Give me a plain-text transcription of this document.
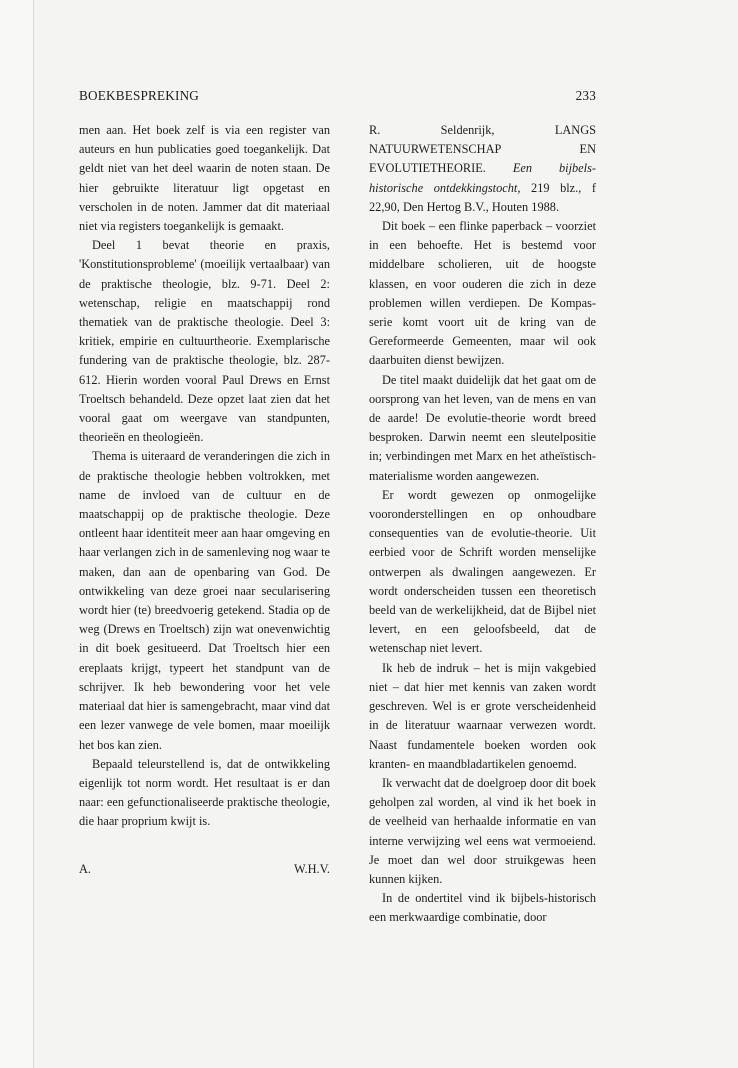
BOEKBESPREKING	233

men aan. Het boek zelf is via een register van auteurs en hun publicaties goed toegankelijk. Dat geldt niet van het deel waarin de noten staan. De hier gebruikte literatuur ligt opgetast en verscholen in de noten. Jammer dat dit materiaal niet via registers toegankelijk is gemaakt.

Deel 1 bevat theorie en praxis, 'Konstitutionsprobleme' (moeilijk vertaalbaar) van de praktische theologie, blz. 9-71. Deel 2: wetenschap, religie en maatschappij rond thematiek van de praktische theologie. Deel 3: kritiek, empirie en cultuurtheorie. Exemplarische fundering van de praktische theologie, blz. 287-612. Hierin worden vooral Paul Drews en Ernst Troeltsch behandeld. Deze opzet laat zien dat het vooral gaat om weergave van standpunten, theorieën en theologieën.

Thema is uiteraard de veranderingen die zich in de praktische theologie hebben voltrokken, met name de invloed van de cultuur en de maatschappij op de praktische theologie. Deze ontleent haar identiteit meer aan haar omgeving en haar verlangen zich in de samenleving nog waar te maken, dan aan de openbaring van God. De ontwikkeling van deze groei naar secularisering wordt hier (te) breedvoerig getekend. Stadia op de weg (Drews en Troeltsch) zijn wat onevenwichtig in dit boek gesitueerd. Dat Troeltsch hier een ereplaats krijgt, typeert het standpunt van de schrijver. Ik heb bewondering voor het vele materiaal dat hier is samengebracht, maar vind dat een lezer vanwege de vele bomen, maar moeilijk het bos kan zien.

Bepaald teleurstellend is, dat de ontwikkeling eigenlijk tot norm wordt. Het resultaat is er dan naar: een gefunctionaliseerde praktische theologie, die haar proprium kwijt is.

A.	W.H.V.

R. Seldenrijk, LANGS NATUURWETENSCHAP EN EVOLUTIETHEORIE. Een bijbels-historische ontdekkingstocht, 219 blz., f 22,90, Den Hertog B.V., Houten 1988.

Dit boek – een flinke paperback – voorziet in een behoefte. Het is bestemd voor middelbare scholieren, uit de hoogste klassen, en voor ouderen die zich in deze problemen willen verdiepen. De Kompas-serie komt voort uit de kring van de Gereformeerde Gemeenten, maar wil ook daarbuiten dienst bewijzen.

De titel maakt duidelijk dat het gaat om de oorsprong van het leven, van de mens en van de aarde! De evolutie-theorie wordt breed besproken. Darwin neemt een sleutelpositie in; verbindingen met Marx en het atheïstisch-materialisme worden aangewezen.

Er wordt gewezen op onmogelijke vooronderstellingen en op onhoudbare consequenties van de evolutie-theorie. Uit eerbied voor de Schrift worden menselijke ontwerpen als dwalingen aangewezen. Er wordt onderscheiden tussen een theoretisch beeld van de werkelijkheid, dat de Bijbel niet levert, en een geloofsbeeld, dat de wetenschap niet levert.

Ik heb de indruk – het is mijn vakgebied niet – dat hier met kennis van zaken wordt geschreven. Wel is er grote verscheidenheid in de literatuur waarnaar verwezen wordt. Naast fundamentele boeken worden ook kranten- en maandbladartikelen genoemd.

Ik verwacht dat de doelgroep door dit boek geholpen zal worden, al vind ik het boek in de veelheid van herhaalde informatie en van interne verwijzing wel eens wat vermoeiend. Je moet dan wel door struikgewas heen kunnen kijken.

In de ondertitel vind ik bijbels-historisch een merkwaardige combinatie, door
